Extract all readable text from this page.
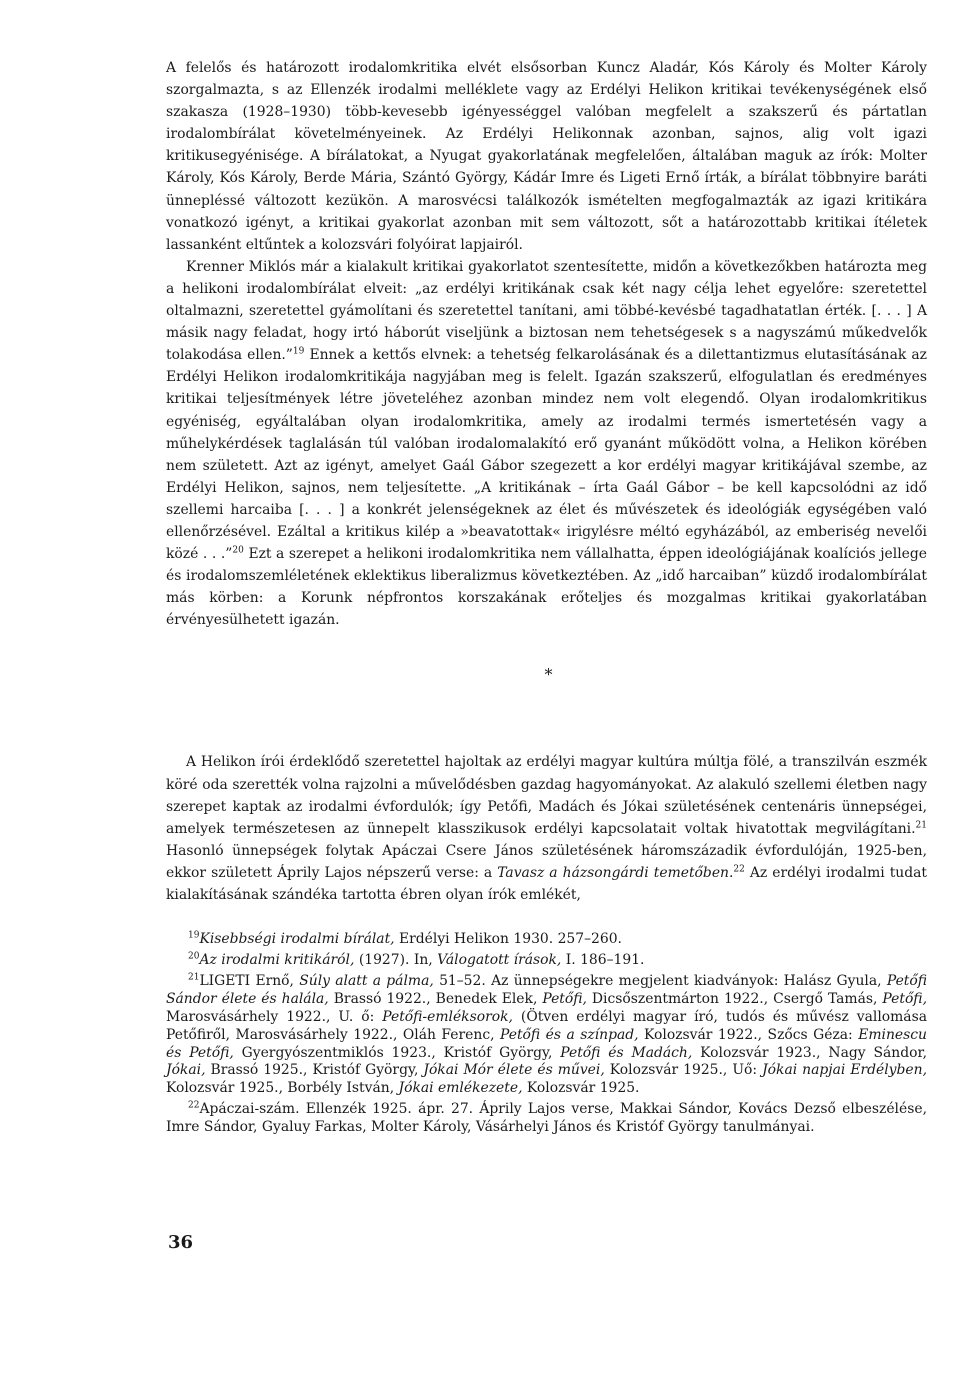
A felelős és határozott irodalomkritika elvét elsősorban Kuncz Aladár, Kós Károly és Molter Károly szorgalmazta, s az Ellenzék irodalmi melléklete vagy az Erdélyi Helikon kritikai tevékenységének első szakasza (1928–1930) több-kevesebb igényességgel valóban megfelelt a szakszerű és pártatlan irodalombírálat követelményeinek. Az Erdélyi Helikonnak azonban, sajnos, alig volt igazi kritikusegyénisége. A bírálatokat, a Nyugat gyakorlatának megfelelően, általában maguk az írók: Molter Károly, Kós Károly, Berde Mária, Szántó György, Kádár Imre és Ligeti Ernő írták, a bírálat többnyire baráti ünnepléssé változott kezükön. A marosvécsi találkozók ismételten megfogalmazták az igazi kritikára vonatkozó igényt, a kritikai gyakorlat azonban mit sem változott, sőt a határozottabb kritikai ítéletek lassanként eltűntek a kolozsvári folyóirat lapjairól.

Krenner Miklós már a kialakult kritikai gyakorlatot szentesítette, midőn a következőkben határozta meg a helikoni irodalombírálat elveit: „az erdélyi kritikának csak két nagy célja lehet egyelőre: szeretettel oltalmazni, szeretettel gyámolítani és szeretettel tanítani, ami többé-kevésbé tagadhatatlan érték. [. . . ] A másik nagy feladat, hogy irtó háborút viseljünk a biztosan nem tehetségesek s a nagyszámú műkedvelők tolakodása ellen.”$^{19}$ Ennek a kettős elvnek: a tehetség felkarolásának és a dilettantizmus elutasításának az Erdélyi Helikon irodalomkritikája nagyjában meg is felelt. Igazán szakszerű, elfogulatlan és eredményes kritikai teljesítmények létre jöveteléhez azonban mindez nem volt elegendő. Olyan irodalomkritikus egyéniség, egyáltalában olyan irodalomkritika, amely az irodalmi termés ismertetésén vagy a műhelykérdések taglalásán túl valóban irodalomalakító erő gyanánt működött volna, a Helikon körében nem született. Azt az igényt, amelyet Gaál Gábor szegezett a kor erdélyi magyar kritikájával szembe, az Erdélyi Helikon, sajnos, nem teljesítette. „A kritikának – írta Gaál Gábor – be kell kapcsolódni az idő szellemi harcaiba [. . . ] a konkrét jelenségeknek az élet és művészetek és ideológiák egységében való ellenőrzésével. Ezáltal a kritikus kilép a »beavatottak« irigylésre méltó egyházából, az emberiség nevelői közé . . .”$^{20}$ Ezt a szerepet a helikoni irodalomkritika nem vállalhatta, éppen ideológiájának koalíciós jellege és irodalomszemléletének eklektikus liberalizmus következtében. Az „idő harcaiban” küzdő irodalombírálat más körben: a Korunk népfrontos korszakának erőteljes és mozgalmas kritikai gyakorlatában érvényesülhetett igazán.

*

A Helikon írói érdeklődő szeretettel hajoltak az erdélyi magyar kultúra múltja fölé, a transzilván eszmék köré oda szerették volna rajzolni a művelődésben gazdag hagyományokat. Az alakuló szellemi életben nagy szerepet kaptak az irodalmi évfordulók; így Petőfi, Madách és Jókai születésének centenáris ünnepségei, amelyek természetesen az ünnepelt klasszikusok erdélyi kapcsolatait voltak hivatottak megvilágítani.$^{21}$ Hasonló ünnepségek folytak Apáczai Csere János születésének háromszázadik évfordulóján, 1925-ben, ekkor született Áprily Lajos népszerű verse: a Tavasz a házsongárdi temetőben.$^{22}$ Az erdélyi irodalmi tudat kialakításának szándéka tartotta ébren olyan írók emlékét,

$^{19}$Kisebbségi irodalmi bírálat, Erdélyi Helikon 1930. 257–260.

$^{20}$Az irodalmi kritikáról, (1927). In, Válogatott írások, I. 186–191.

$^{21}$LIGETI Ernő, Súly alatt a pálma, 51–52. Az ünnepségekre megjelent kiadványok: Halász Gyula, Petőfi Sándor élete és halála, Brassó 1922., Benedek Elek, Petőfi, Dicsőszentmárton 1922., Csergő Tamás, Petőfi, Marosvásárhely 1922., U. ő: Petőfi-emléksorok, (Ötven erdélyi magyar író, tudós és művész vallomása Petőfiről, Marosvásárhely 1922., Oláh Ferenc, Petőfi és a színpad, Kolozsvár 1922., Szőcs Géza: Eminescu és Petőfi, Gyergyószentmiklós 1923., Kristóf György, Petőfi és Madách, Kolozsvár 1923., Nagy Sándor, Jókai, Brassó 1925., Kristóf György, Jókai Mór élete és művei, Kolozsvár 1925., Uő: Jókai napjai Erdélyben, Kolozsvár 1925., Borbély István, Jókai emlékezete, Kolozsvár 1925.

$^{22}$Apáczai-szám. Ellenzék 1925. ápr. 27. Áprily Lajos verse, Makkai Sándor, Kovács Dezső elbeszélése, Imre Sándor, Gyaluy Farkas, Molter Károly, Vásárhelyi János és Kristóf György tanulmányai.

36
